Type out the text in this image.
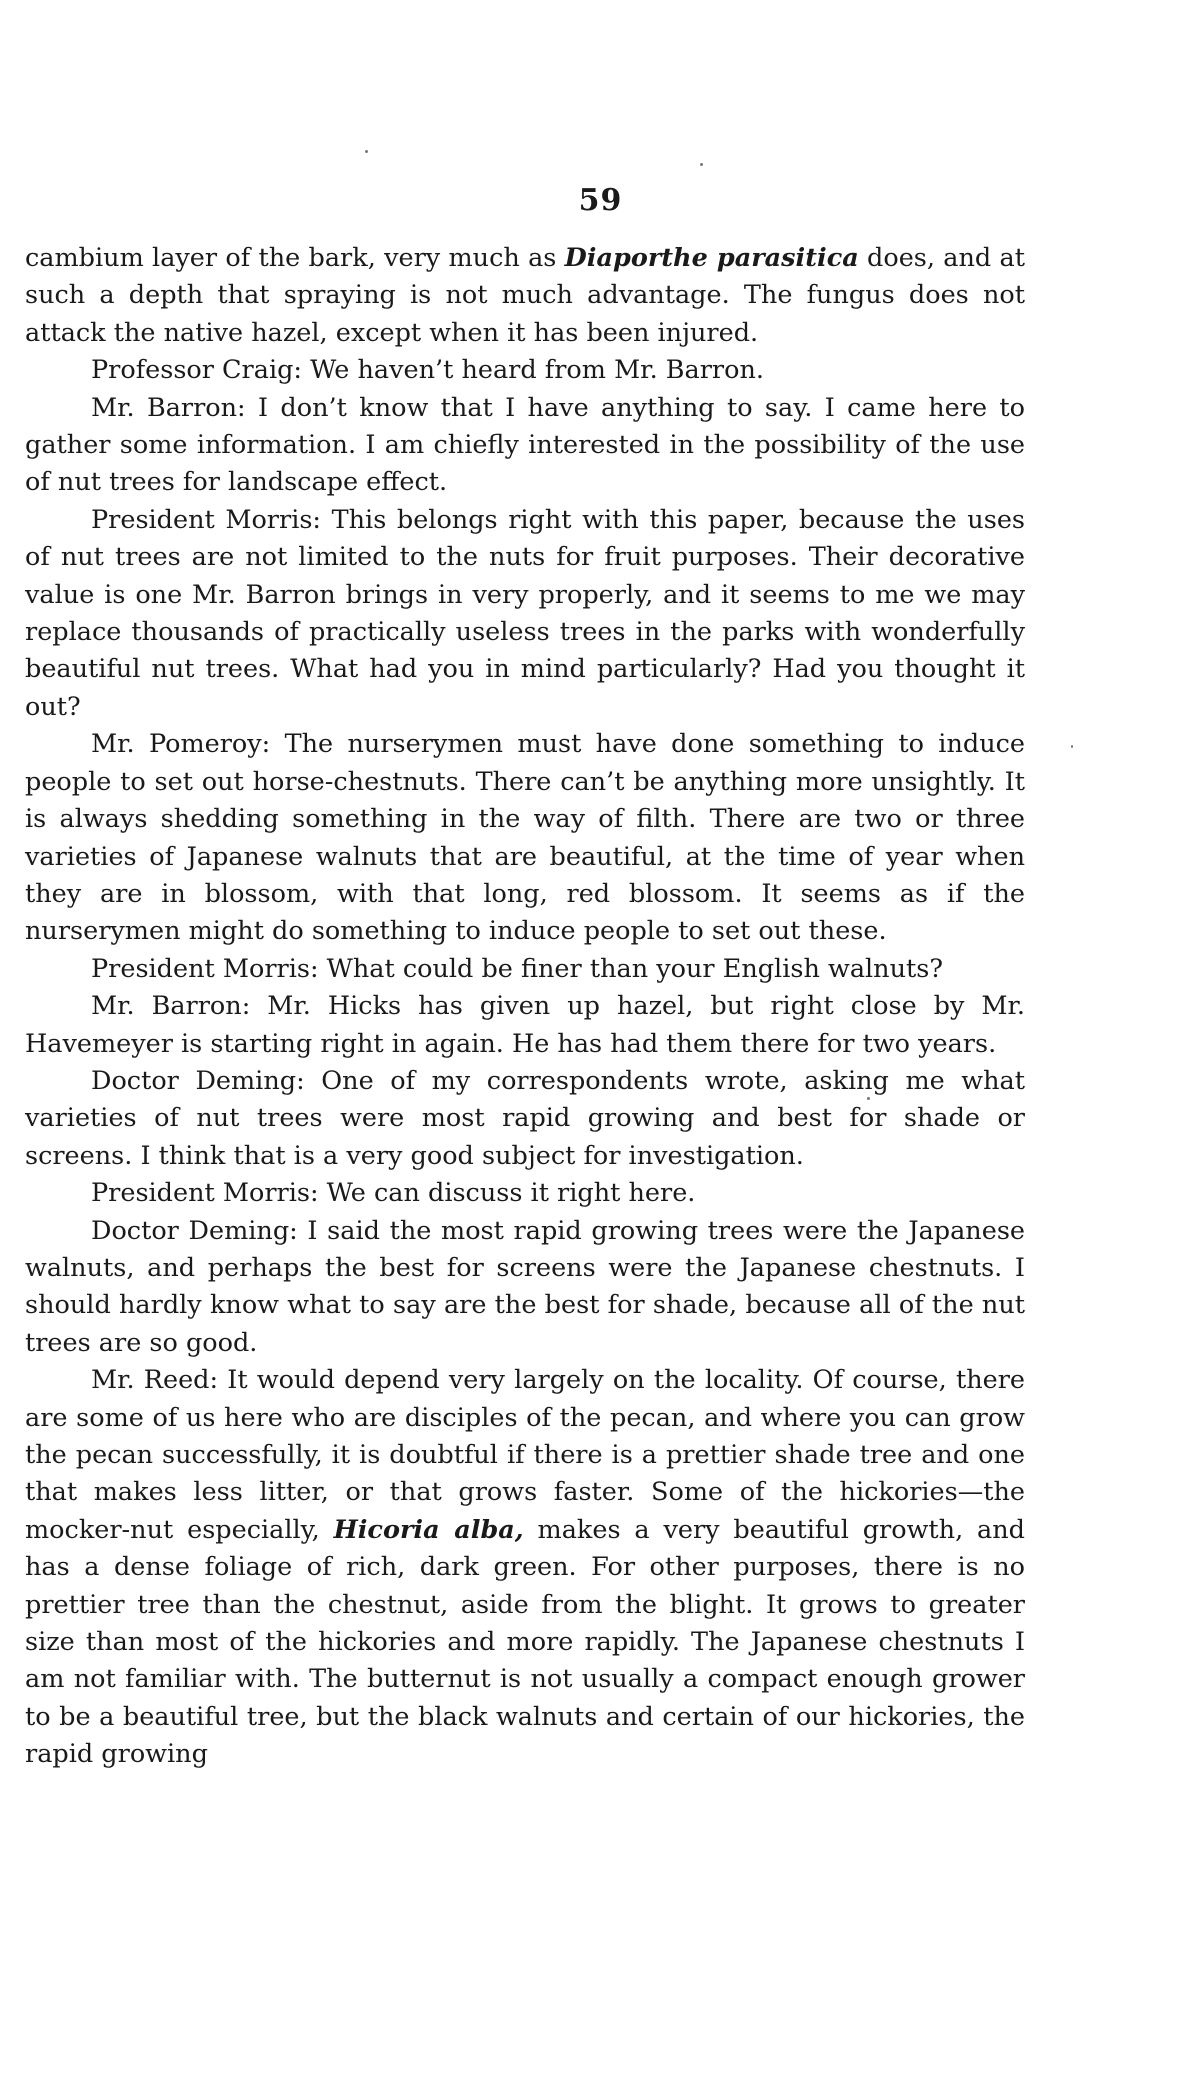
59

cambium layer of the bark, very much as Diaporthe parasitica does, and at such a depth that spraying is not much advantage. The fungus does not attack the native hazel, except when it has been injured.

Professor Craig: We haven’t heard from Mr. Barron.

Mr. Barron: I don’t know that I have anything to say. I came here to gather some information. I am chiefly interested in the possibility of the use of nut trees for landscape effect.

President Morris: This belongs right with this paper, because the uses of nut trees are not limited to the nuts for fruit purposes. Their decorative value is one Mr. Barron brings in very properly, and it seems to me we may replace thousands of practically useless trees in the parks with wonderfully beautiful nut trees. What had you in mind particularly? Had you thought it out?

Mr. Pomeroy: The nurserymen must have done something to induce people to set out horse-chestnuts. There can’t be anything more unsightly. It is always shedding something in the way of filth. There are two or three varieties of Japanese walnuts that are beautiful, at the time of year when they are in blossom, with that long, red blossom. It seems as if the nurserymen might do something to induce people to set out these.

President Morris: What could be finer than your English walnuts?

Mr. Barron: Mr. Hicks has given up hazel, but right close by Mr. Havemeyer is starting right in again. He has had them there for two years.

Doctor Deming: One of my correspondents wrote, asking me what varieties of nut trees were most rapid growing and best for shade or screens. I think that is a very good subject for investigation.

President Morris: We can discuss it right here.

Doctor Deming: I said the most rapid growing trees were the Japanese walnuts, and perhaps the best for screens were the Japanese chestnuts. I should hardly know what to say are the best for shade, because all of the nut trees are so good.

Mr. Reed: It would depend very largely on the locality. Of course, there are some of us here who are disciples of the pecan, and where you can grow the pecan successfully, it is doubtful if there is a prettier shade tree and one that makes less litter, or that grows faster. Some of the hickories—the mocker-nut especially, Hicoria alba, makes a very beautiful growth, and has a dense foliage of rich, dark green. For other purposes, there is no prettier tree than the chestnut, aside from the blight. It grows to greater size than most of the hickories and more rapidly. The Japanese chestnuts I am not familiar with. The butternut is not usually a compact enough grower to be a beautiful tree, but the black walnuts and certain of our hickories, the rapid growing
